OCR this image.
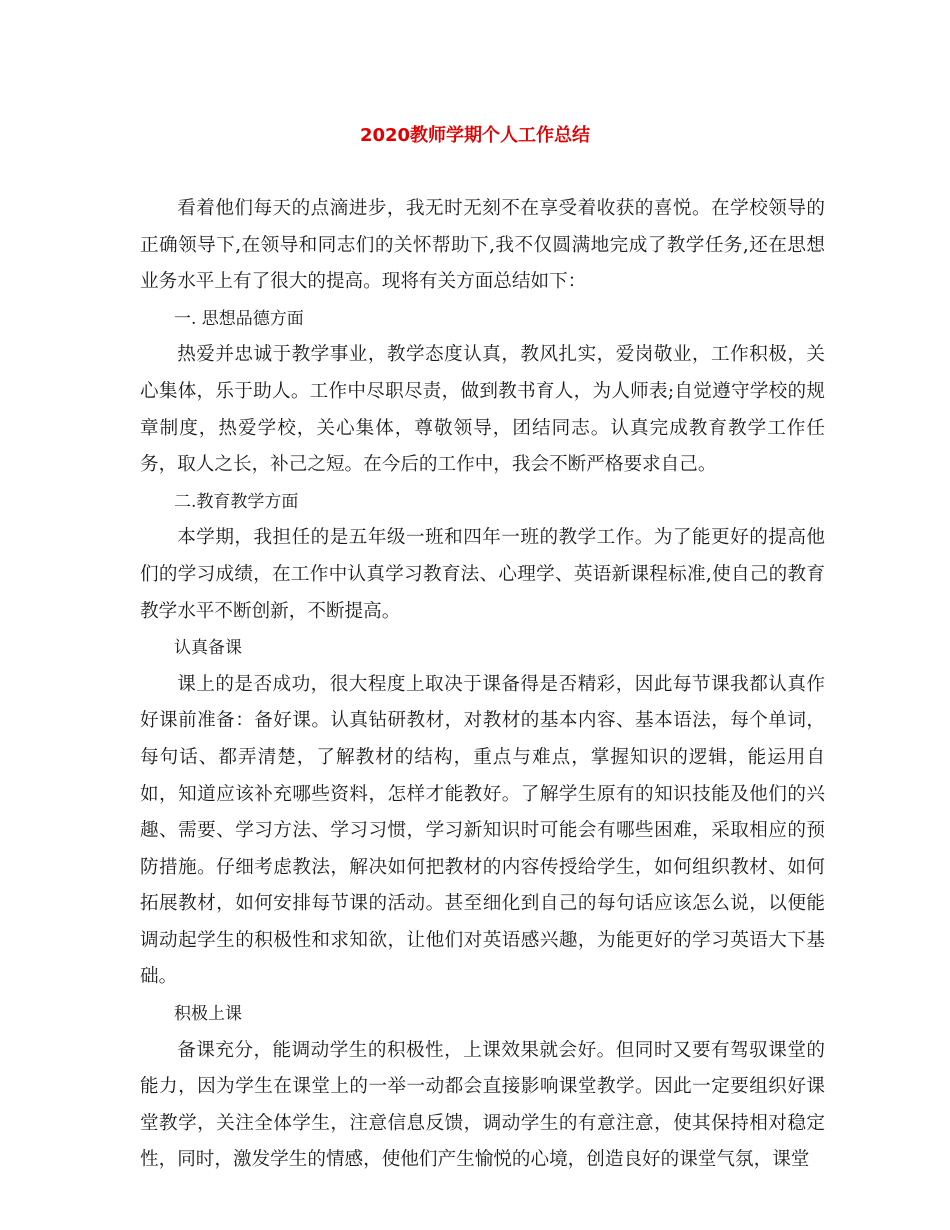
2020教师学期个人工作总结

看着他们每天的点滴进步，我无时无刻不在享受着收获的喜悦。在学校领导的正确领导下,在领导和同志们的关怀帮助下,我不仅圆满地完成了教学任务,还在思想业务水平上有了很大的提高。现将有关方面总结如下：

一. 思想品德方面

热爱并忠诚于教学事业，教学态度认真，教风扎实，爱岗敬业，工作积极，关心集体，乐于助人。工作中尽职尽责，做到教书育人，为人师表;自觉遵守学校的规章制度，热爱学校，关心集体，尊敬领导，团结同志。认真完成教育教学工作任务，取人之长，补己之短。在今后的工作中，我会不断严格要求自己。

二.教育教学方面

本学期，我担任的是五年级一班和四年一班的教学工作。为了能更好的提高他们的学习成绩，在工作中认真学习教育法、心理学、英语新课程标准,使自己的教育教学水平不断创新，不断提高。

认真备课

课上的是否成功，很大程度上取决于课备得是否精彩，因此每节课我都认真作好课前准备：备好课。认真钻研教材，对教材的基本内容、基本语法，每个单词，每句话、都弄清楚，了解教材的结构，重点与难点，掌握知识的逻辑，能运用自如，知道应该补充哪些资料，怎样才能教好。了解学生原有的知识技能及他们的兴趣、需要、学习方法、学习习惯，学习新知识时可能会有哪些困难，采取相应的预防措施。仔细考虑教法，解决如何把教材的内容传授给学生，如何组织教材、如何拓展教材，如何安排每节课的活动。甚至细化到自己的每句话应该怎么说，以便能调动起学生的积极性和求知欲，让他们对英语感兴趣，为能更好的学习英语大下基础。

积极上课

备课充分，能调动学生的积极性，上课效果就会好。但同时又要有驾驭课堂的能力，因为学生在课堂上的一举一动都会直接影响课堂教学。因此一定要组织好课堂教学，关注全体学生，注意信息反馈，调动学生的有意注意，使其保持相对稳定性，同时，激发学生的情感，使他们产生愉悦的心境，创造良好的课堂气氛，课堂
